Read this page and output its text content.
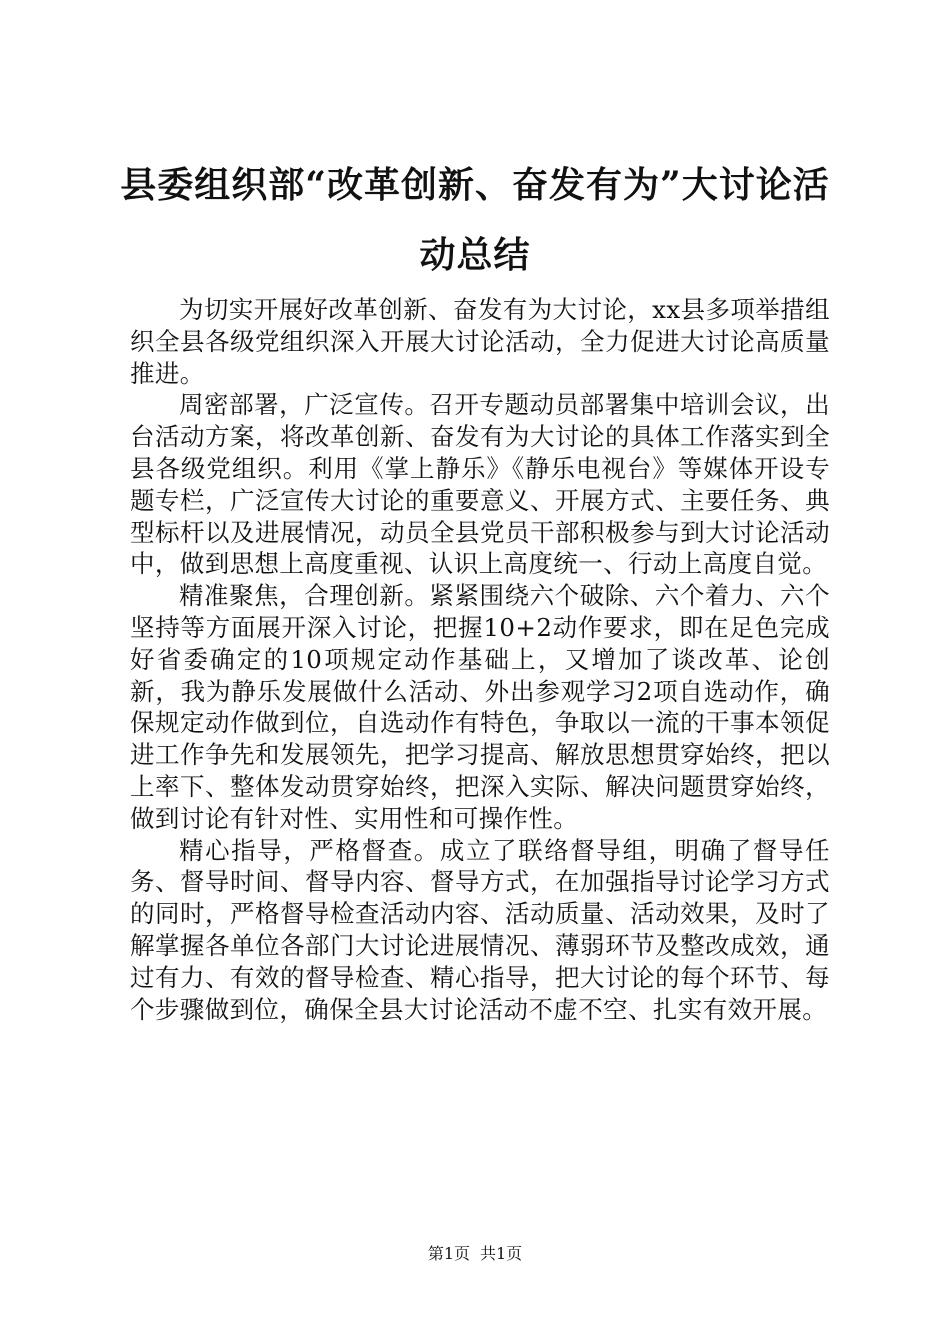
县委组织部“改革创新、奋发有为”大讨论活动总结

为切实开展好改革创新、奋发有为大讨论，xx县多项举措组织全县各级党组织深入开展大讨论活动，全力促进大讨论高质量推进。

周密部署，广泛宣传。召开专题动员部署集中培训会议，出台活动方案，将改革创新、奋发有为大讨论的具体工作落实到全县各级党组织。利用《掌上静乐》《静乐电视台》等媒体开设专题专栏，广泛宣传大讨论的重要意义、开展方式、主要任务、典型标杆以及进展情况，动员全县党员干部积极参与到大讨论活动中，做到思想上高度重视、认识上高度统一、行动上高度自觉。

精准聚焦，合理创新。紧紧围绕六个破除、六个着力、六个坚持等方面展开深入讨论，把握10+2动作要求，即在足色完成好省委确定的10项规定动作基础上，又增加了谈改革、论创新，我为静乐发展做什么活动、外出参观学习2项自选动作，确保规定动作做到位，自选动作有特色，争取以一流的干事本领促进工作争先和发展领先，把学习提高、解放思想贯穿始终，把以上率下、整体发动贯穿始终，把深入实际、解决问题贯穿始终，做到讨论有针对性、实用性和可操作性。

精心指导，严格督查。成立了联络督导组，明确了督导任务、督导时间、督导内容、督导方式，在加强指导讨论学习方式的同时，严格督导检查活动内容、活动质量、活动效果，及时了解掌握各单位各部门大讨论进展情况、薄弱环节及整改成效，通过有力、有效的督导检查、精心指导，把大讨论的每个环节、每个步骤做到位，确保全县大讨论活动不虚不空、扎实有效开展。

第1页 共1页
